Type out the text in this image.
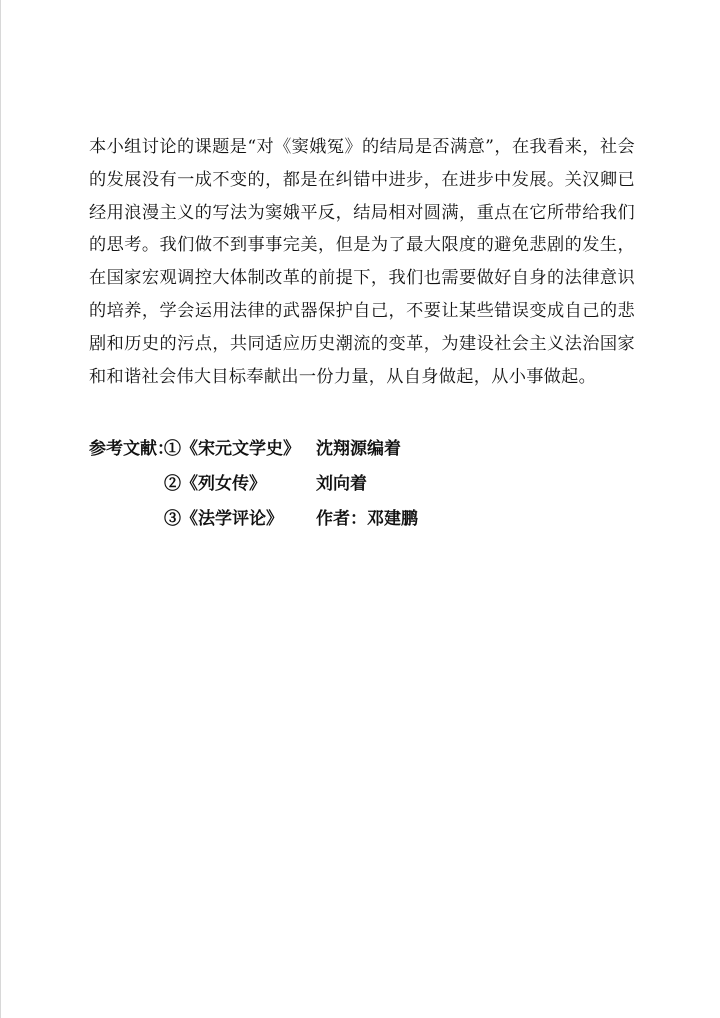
本小组讨论的课题是“对《窦娥冤》的结局是否满意”，在我看来，社会的发展没有一成不变的，都是在纠错中进步，在进步中发展。关汉卿已经用浪漫主义的写法为窦娥平反，结局相对圆满，重点在它所带给我们的思考。我们做不到事事完美，但是为了最大限度的避免悲剧的发生，在国家宏观调控大体制改革的前提下，我们也需要做好自身的法律意识的培养，学会运用法律的武器保护自己，不要让某些错误变成自己的悲剧和历史的污点，共同适应历史潮流的变革，为建设社会主义法治国家和和谐社会伟大目标奉献出一份力量，从自身做起，从小事做起。

参考文献：
①《宋元文学史》 沈翔源编着
②《列女传》	刘向着
③《法学评论》 作者：邓建鹏
